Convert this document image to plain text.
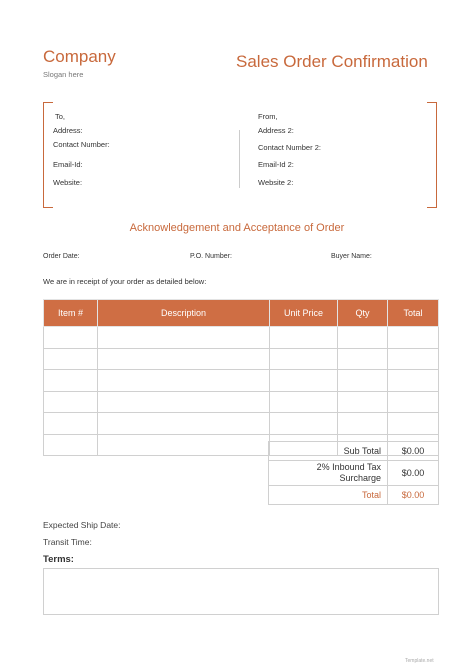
Company
Slogan here
Sales Order Confirmation
To,
Address:
Contact Number:
Email-Id:
Website:
From,
Address 2:
Contact Number 2:
Email-Id 2:
Website 2:
Acknowledgement and Acceptance of Order
Order Date:	P.O. Number:	Buyer Name:
We are in receipt of your order as detailed below:
Item #	Description	Unit Price	Qty	Total

Sub Total	$0.00
2% Inbound Tax Surcharge	$0.00
Total	$0.00
Expected Ship Date:
Transit Time:
Terms:
Template.net
